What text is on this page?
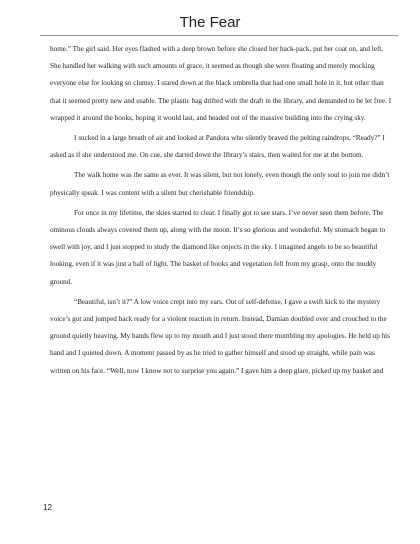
The Fear

home.” The girl said. Her eyes flashed with a deep brown before she closed her back-pack, put her coat on, and left. She handled her walking with such amounts of grace, it seemed as though she were floating and merely mocking everyone else for looking so clumsy. I stared down at the black umbrella that had one small hole in it, but other than that it seemed pretty new and usable. The plastic bag drifted with the draft in the library, and demanded to be let free. I wrapped it around the books, hoping it would last, and headed out of the massive building into the crying sky.

I sucked in a large breath of air and looked at Pandora who silently braved the pelting raindrops, “Ready?” I asked as if she understood me. On cue, she darted down the library’s stairs, then waited for me at the bottom.

The walk home was the same as ever. It was silent, but not lonely, even though the only soul to join me didn’t physically speak. I was content with a silent but cherishable friendship.

For once in my lifetime, the skies started to clear. I finally got to see stars. I’ve never seen them before. The ominous clouds always covered them up, along with the moon. It’s so glorious and wonderful. My stomach began to swell with joy, and I just stopped to study the diamond like onjects in the sky. I imagined angels to be so beautiful looking, even if it was just a ball of light. The basket of books and vegetation fell from my grasp, onto the muddy ground.

“Beautiful, isn’t it?” A low voice crept into my ears. Out of self-defense, I gave a swift kick to the mystery voice’s gut and jumped back ready for a violent reaction in return. Instead, Damian doubled over and crouched to the ground quietly heaving. My hands flew up to my mouth and I just stood there mumbling my apologies. He held up his hand and I quieted down. A moment passed by as he tried to gather himself and stood up straight, while pain was written on his face. “Well, now I know not to surprise you again.” I gave him a deep glare, picked up my basket and

12
